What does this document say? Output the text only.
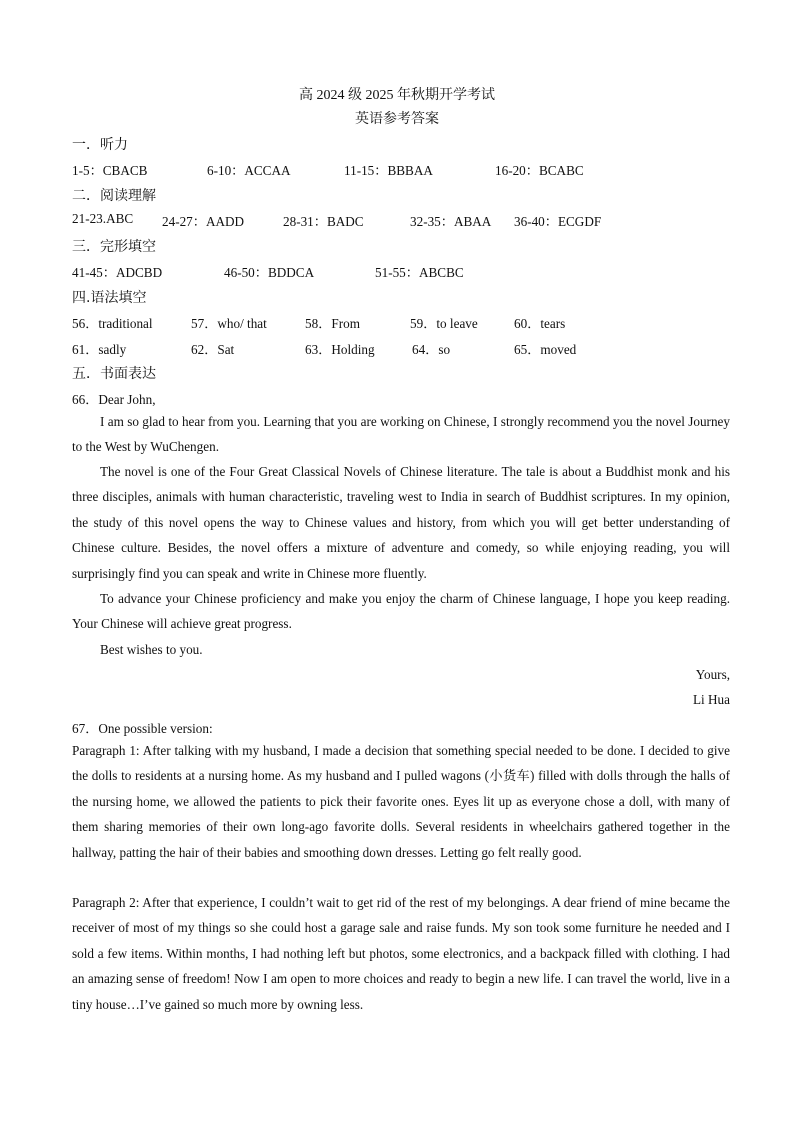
高 2024 级 2025 年秋期开学考试
英语参考答案
一．听力
1-5：CBACB	6-10：ACCAA	11-15：BBBAA	16-20：BCABC
二．阅读理解
21-23.ABC 24-27：AADD	28-31：BADC	32-35：ABAA 36-40：ECGDF
三．完形填空
41-45：ADCBD	46-50：BDDCA	51-55：ABCBC
四.语法填空
56．traditional	57．who/ that	58．From	59．to leave	60．tears
61．sadly	62．Sat	63．Holding	64．so	65．moved
五．书面表达
66．Dear John,
I am so glad to hear from you. Learning that you are working on Chinese, I strongly recommend you the novel Journey to the West by WuChengen.
The novel is one of the Four Great Classical Novels of Chinese literature. The tale is about a Buddhist monk and his three disciples, animals with human characteristic, traveling west to India in search of Buddhist scriptures. In my opinion, the study of this novel opens the way to Chinese values and history, from which you will get better understanding of Chinese culture. Besides, the novel offers a mixture of adventure and comedy, so while enjoying reading, you will surprisingly find you can speak and write in Chinese more fluently.
To advance your Chinese proficiency and make you enjoy the charm of Chinese language, I hope you keep reading. Your Chinese will achieve great progress.
Best wishes to you.
Yours,
Li Hua
67．One possible version:
Paragraph 1: After talking with my husband, I made a decision that something special needed to be done. I decided to give the dolls to residents at a nursing home. As my husband and I pulled wagons (小货车) filled with dolls through the halls of the nursing home, we allowed the patients to pick their favorite ones. Eyes lit up as everyone chose a doll, with many of them sharing memories of their own long-ago favorite dolls. Several residents in wheelchairs gathered together in the hallway, patting the hair of their babies and smoothing down dresses. Letting go felt really good.
Paragraph 2: After that experience, I couldn’t wait to get rid of the rest of my belongings. A dear friend of mine became the receiver of most of my things so she could host a garage sale and raise funds. My son took some furniture he needed and I sold a few items. Within months, I had nothing left but photos, some electronics, and a backpack filled with clothing. I had an amazing sense of freedom! Now I am open to more choices and ready to begin a new life. I can travel the world, live in a tiny house…I’ve gained so much more by owning less.
